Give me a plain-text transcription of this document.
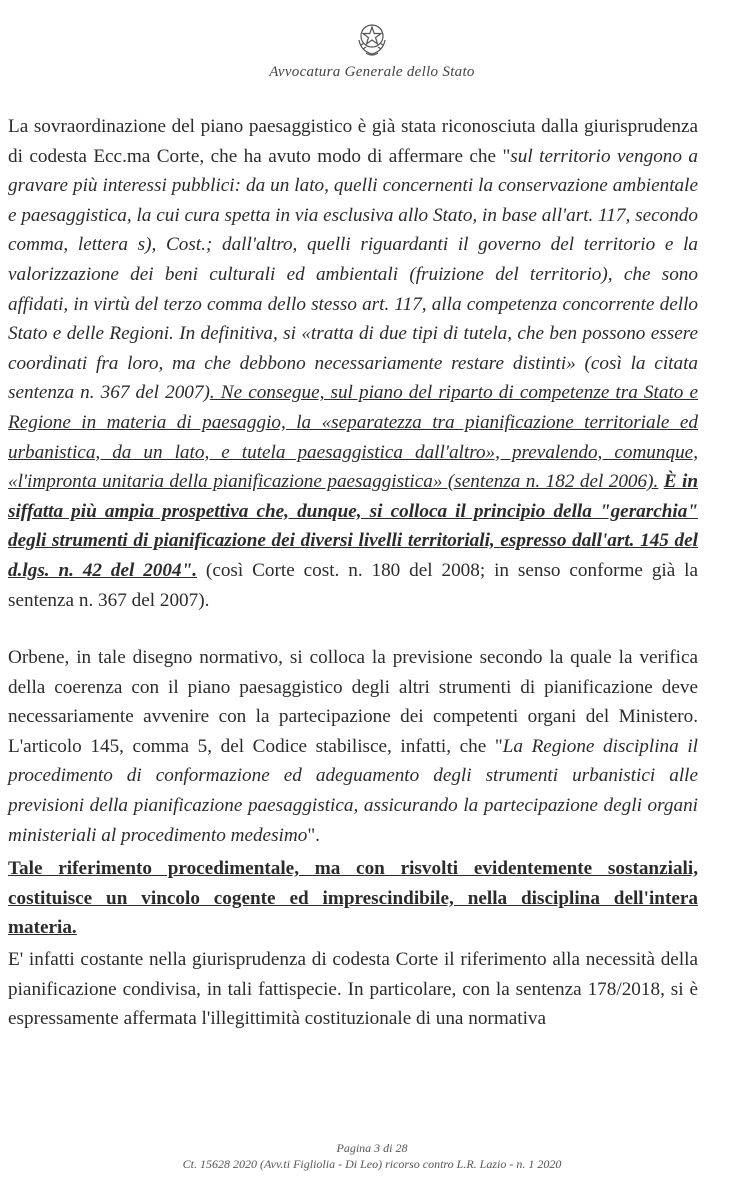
Avvocatura Generale dello Stato

La sovraordinazione del piano paesaggistico è già stata riconosciuta dalla giurisprudenza di codesta Ecc.ma Corte, che ha avuto modo di affermare che "sul territorio vengono a gravare più interessi pubblici: da un lato, quelli concernenti la conservazione ambientale e paesaggistica, la cui cura spetta in via esclusiva allo Stato, in base all'art. 117, secondo comma, lettera s), Cost.; dall'altro, quelli riguardanti il governo del territorio e la valorizzazione dei beni culturali ed ambientali (fruizione del territorio), che sono affidati, in virtù del terzo comma dello stesso art. 117, alla competenza concorrente dello Stato e delle Regioni. In definitiva, si «tratta di due tipi di tutela, che ben possono essere coordinati fra loro, ma che debbono necessariamente restare distinti» (così la citata sentenza n. 367 del 2007). Ne consegue, sul piano del riparto di competenze tra Stato e Regione in materia di paesaggio, la «separatezza tra pianificazione territoriale ed urbanistica, da un lato, e tutela paesaggistica dall'altro», prevalendo, comunque, «l'impronta unitaria della pianificazione paesaggistica» (sentenza n. 182 del 2006). È in siffatta più ampia prospettiva che, dunque, si colloca il principio della "gerarchia" degli strumenti di pianificazione dei diversi livelli territoriali, espresso dall'art. 145 del d.lgs. n. 42 del 2004". (così Corte cost. n. 180 del 2008; in senso conforme già la sentenza n. 367 del 2007).

Orbene, in tale disegno normativo, si colloca la previsione secondo la quale la verifica della coerenza con il piano paesaggistico degli altri strumenti di pianificazione deve necessariamente avvenire con la partecipazione dei competenti organi del Ministero. L'articolo 145, comma 5, del Codice stabilisce, infatti, che "La Regione disciplina il procedimento di conformazione ed adeguamento degli strumenti urbanistici alle previsioni della pianificazione paesaggistica, assicurando la partecipazione degli organi ministeriali al procedimento medesimo".

Tale riferimento procedimentale, ma con risvolti evidentemente sostanziali, costituisce un vincolo cogente ed imprescindibile, nella disciplina dell'intera materia.

E' infatti costante nella giurisprudenza di codesta Corte il riferimento alla necessità della pianificazione condivisa, in tali fattispecie. In particolare, con la sentenza 178/2018, si è espressamente affermata l'illegittimità costituzionale di una normativa

Pagina 3 di 28
Ct. 15628 2020 (Avv.ti Figliolia - Di Leo) ricorso contro L.R. Lazio - n. 1 2020
